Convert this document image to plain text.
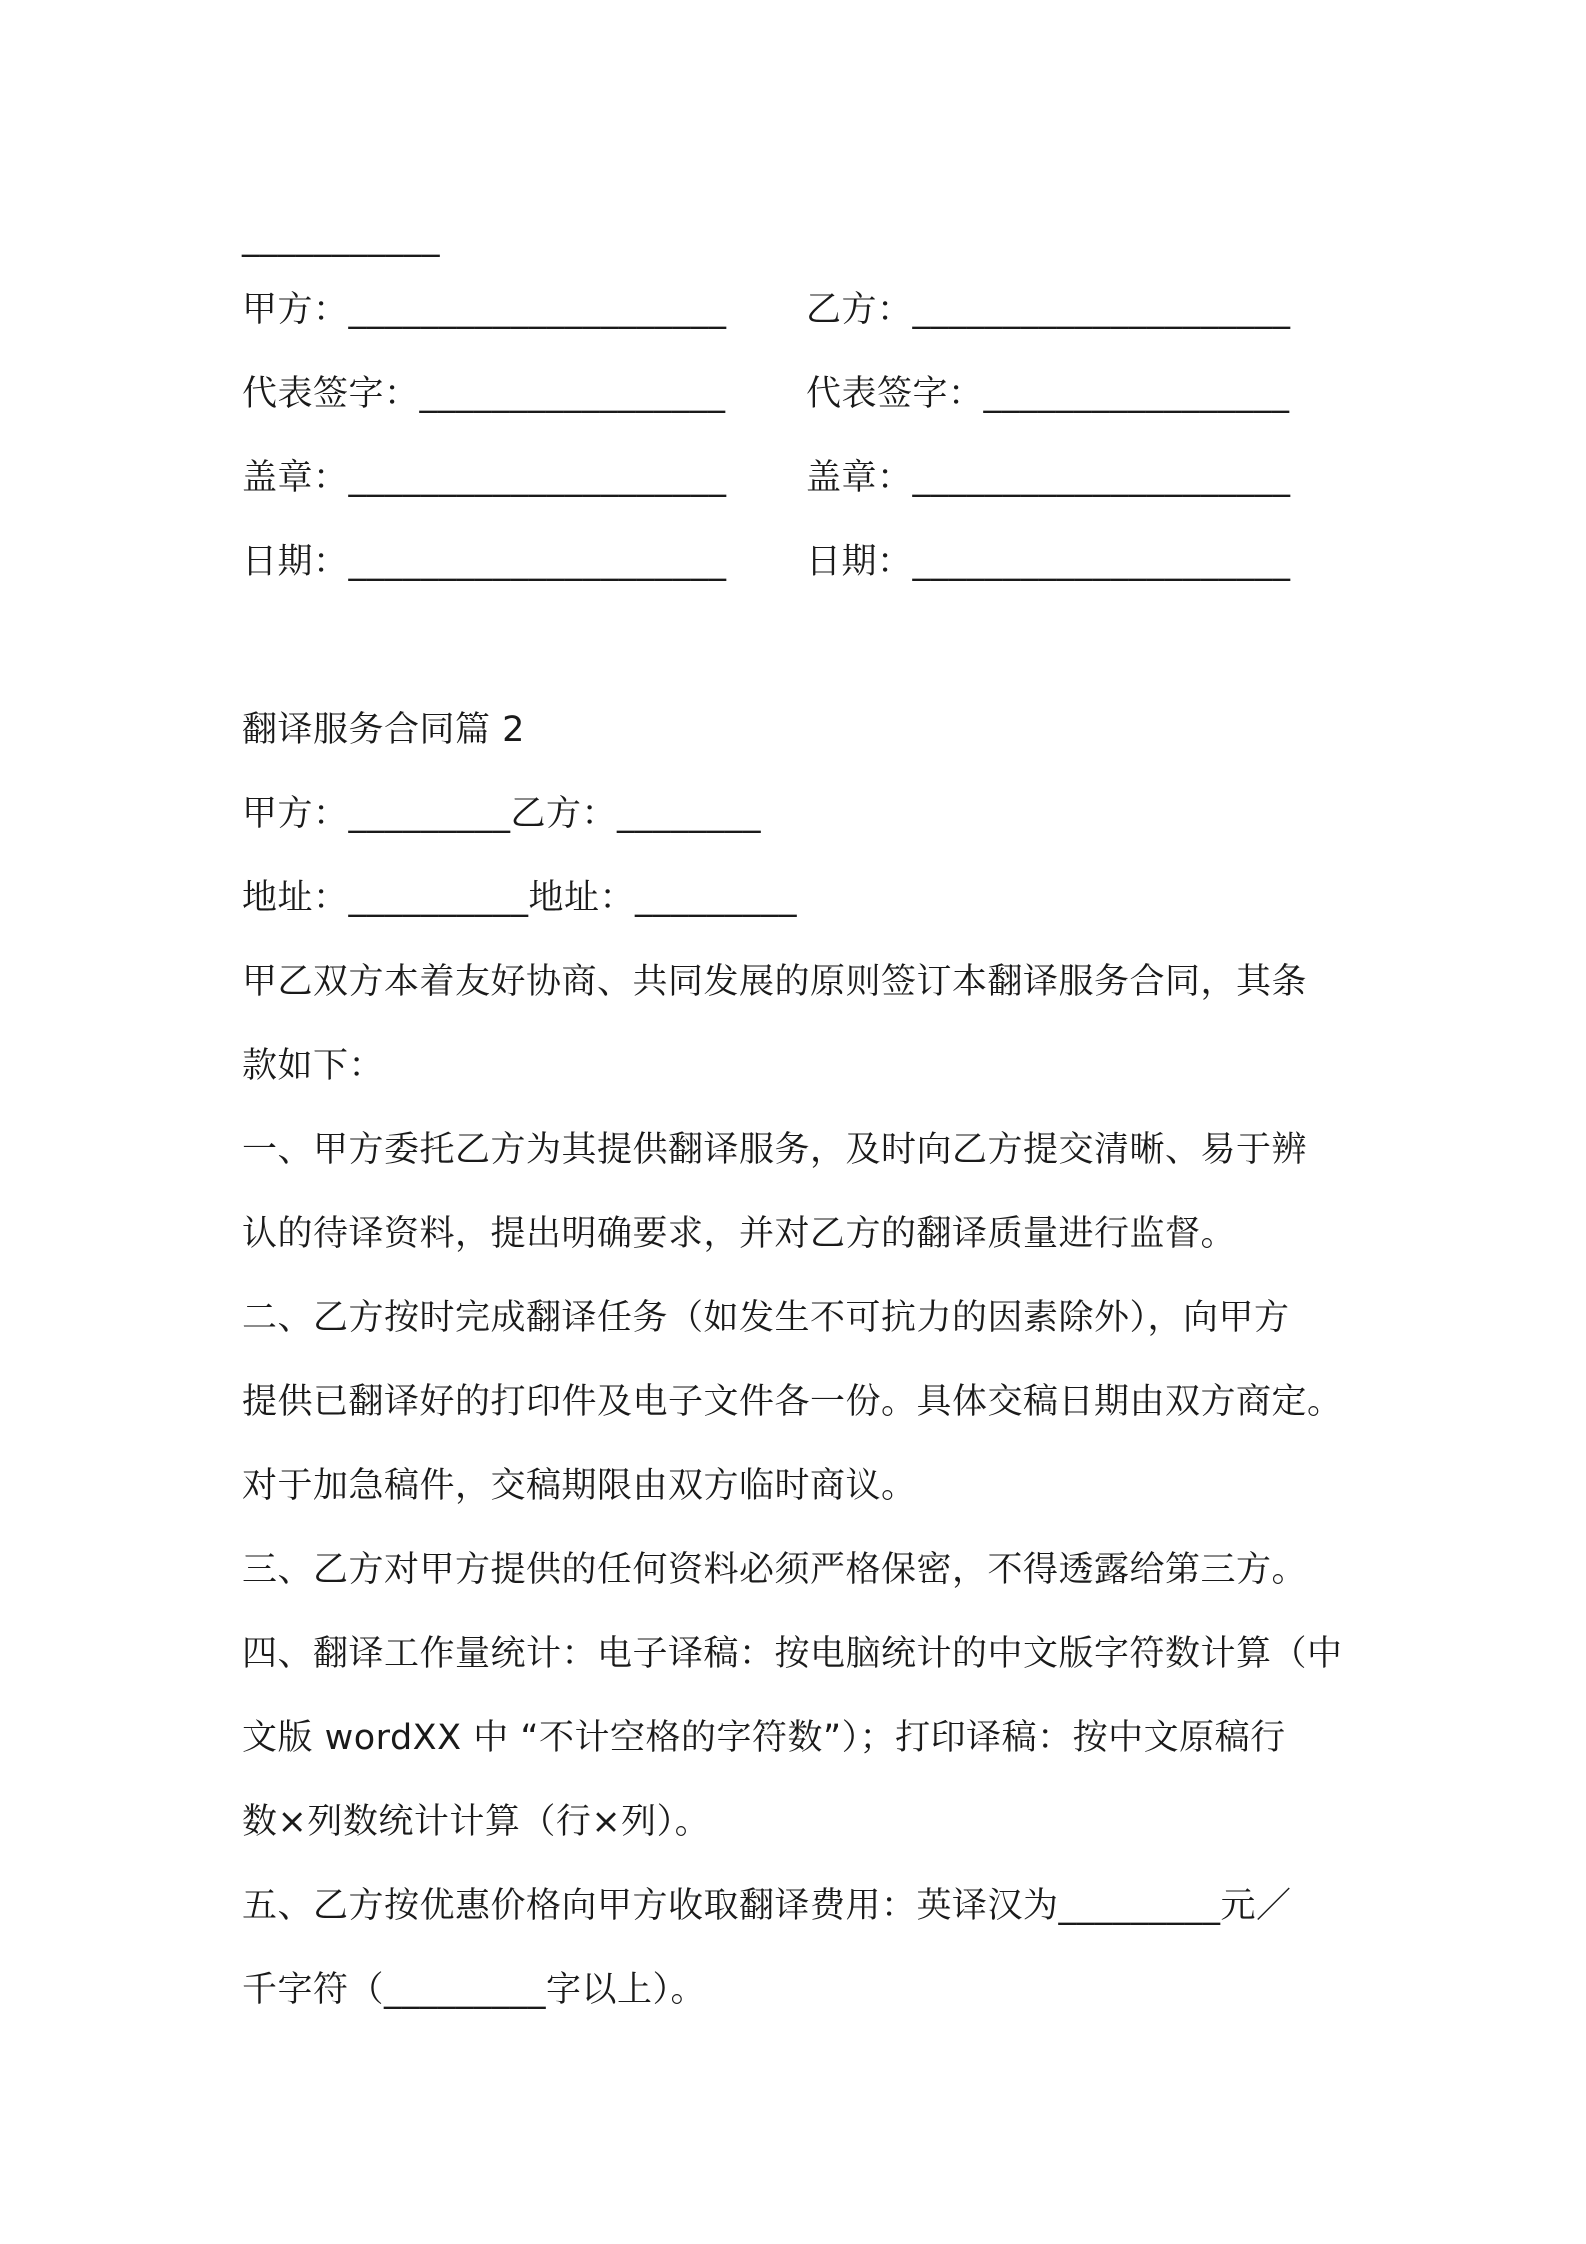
___________
甲方：_____________________ 乙方：_____________________
代表签字：_________________ 代表签字：_________________
盖章：_____________________ 盖章：_____________________
日期：_____________________ 日期：_____________________
翻译服务合同篇 2
甲方：_________乙方：________
地址：__________地址：_________
甲乙双方本着友好协商、共同发展的原则签订本翻译服务合同，其条
款如下：
一、甲方委托乙方为其提供翻译服务，及时向乙方提交清晰、易于辨
认的待译资料，提出明确要求，并对乙方的翻译质量进行监督。
二、乙方按时完成翻译任务（如发生不可抗力的因素除外），向甲方
提供已翻译好的打印件及电子文件各一份。具体交稿日期由双方商定。
对于加急稿件，交稿期限由双方临时商议。
三、乙方对甲方提供的任何资料必须严格保密，不得透露给第三方。
四、翻译工作量统计：电子译稿：按电脑统计的中文版字符数计算（中
文版 wordXX 中 “不计空格的字符数”）；打印译稿：按中文原稿行
数×列数统计计算（行×列）。
五、乙方按优惠价格向甲方收取翻译费用：英译汉为_________元／
千字符（_________字以上）。
